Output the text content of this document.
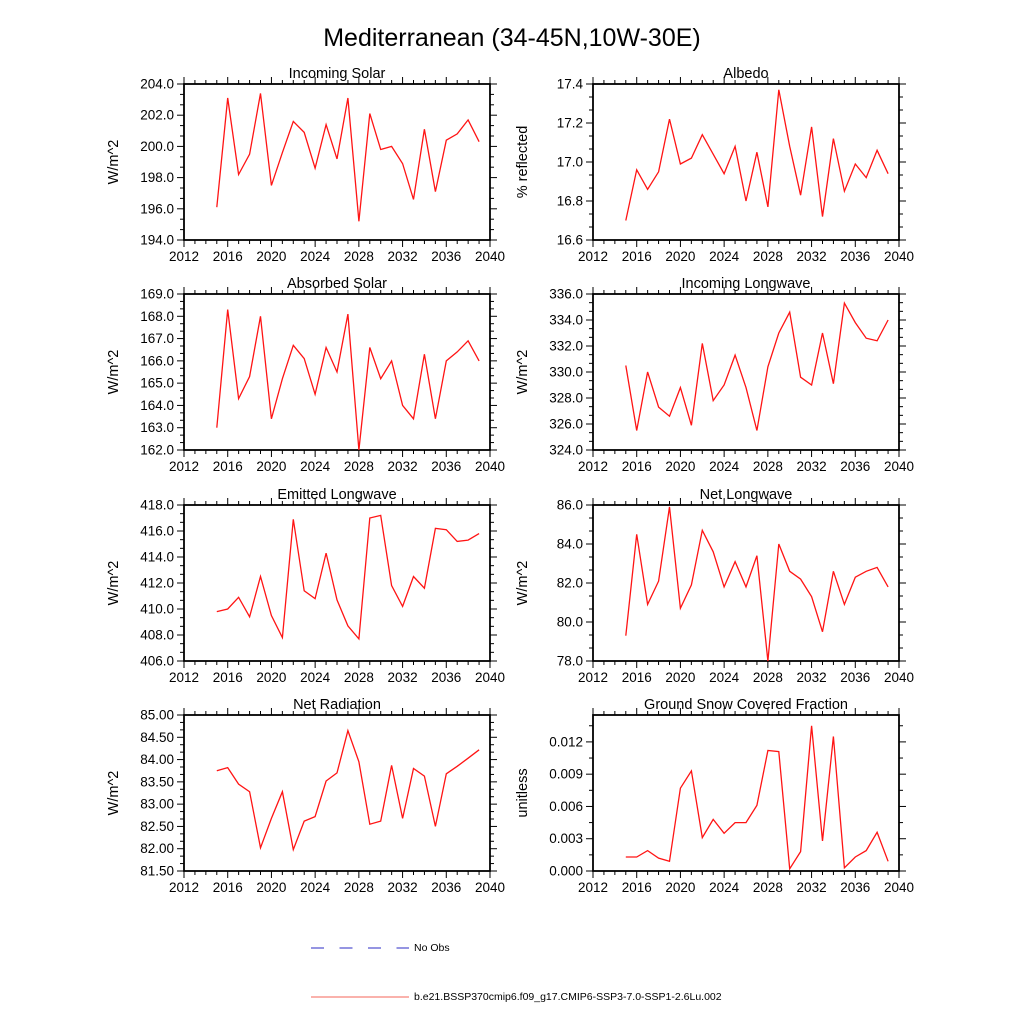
Mediterranean (34-45N,10W-30E)
2012 2016 2020 2024 2028 2032 2036 2040
194.0
196.0
198.0
200.0
202.0
204.0
Incoming Solar
W/m^2
2012 2016 2020 2024 2028 2032 2036 2040
16.6
16.8
17.0
17.2
17.4
Albedo
% reflected
2012 2016 2020 2024 2028 2032 2036 2040
162.0
163.0
164.0
165.0
166.0
167.0
168.0
169.0
Absorbed Solar
W/m^2
2012 2016 2020 2024 2028 2032 2036 2040
324.0
326.0
328.0
330.0
332.0
334.0
336.0
Incoming Longwave
W/m^2
2012 2016 2020 2024 2028 2032 2036 2040
406.0
408.0
410.0
412.0
414.0
416.0
418.0
Emitted Longwave
W/m^2
2012 2016 2020 2024 2028 2032 2036 2040
78.0
80.0
82.0
84.0
86.0
Net Longwave
W/m^2
2012 2016 2020 2024 2028 2032 2036 2040
81.50
82.00
82.50
83.00
83.50
84.00
84.50
85.00
Net Radiation
W/m^2
2012 2016 2020 2024 2028 2032 2036 2040
0.000
0.003
0.006
0.009
0.012
Ground Snow Covered Fraction
unitless
No Obs
b.e21.BSSP370cmip6.f09_g17.CMIP6-SSP3-7.0-SSP1-2.6Lu.002
